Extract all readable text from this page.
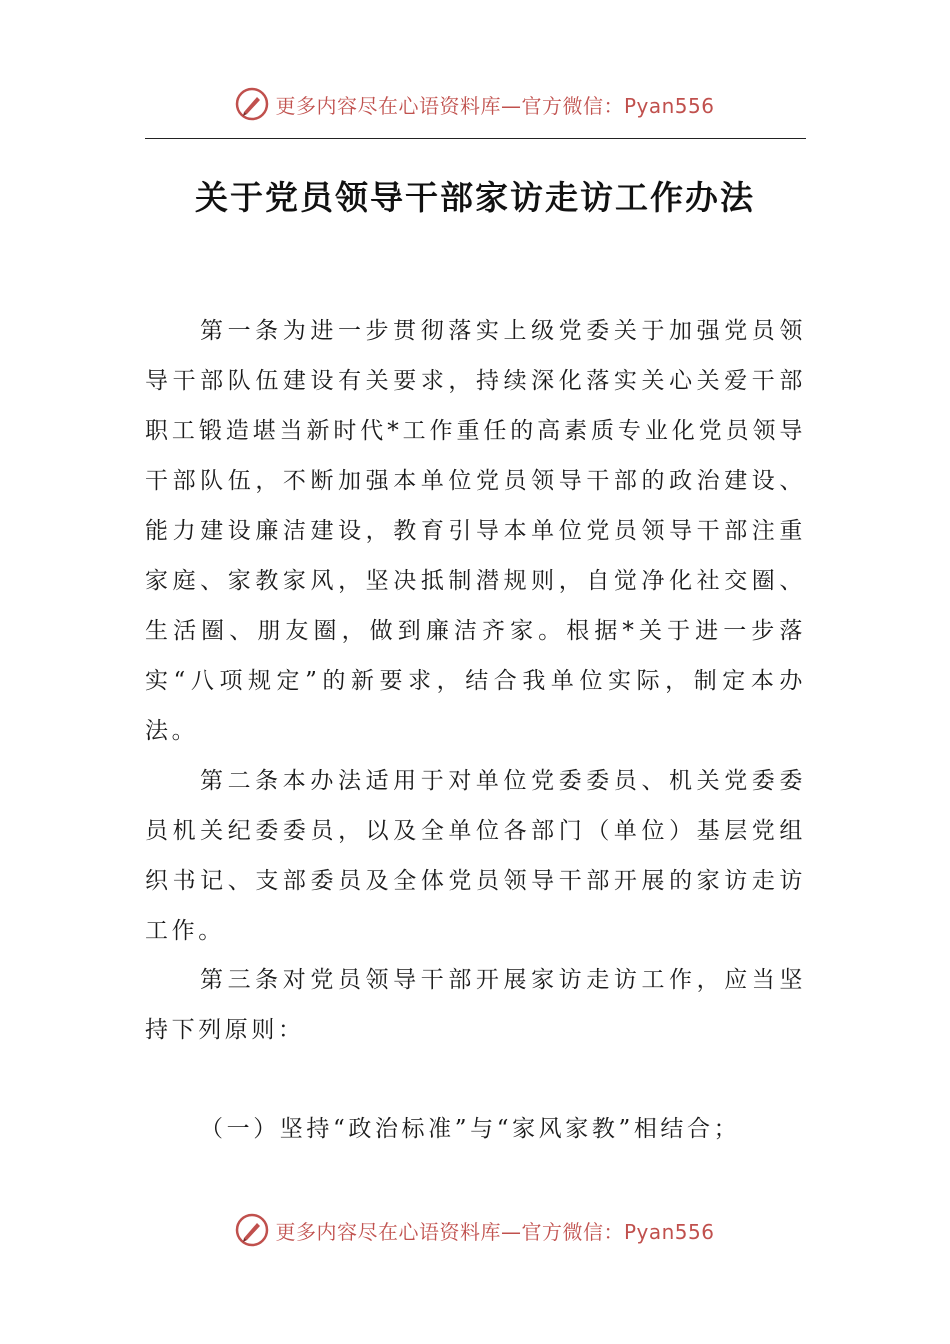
更多内容尽在心语资料库—官方微信：Pyan556
关于党员领导干部家访走访工作办法

第一条为进一步贯彻落实上级党委关于加强党员领导干部队伍建设有关要求，持续深化落实关心关爱干部职工锻造堪当新时代*工作重任的高素质专业化党员领导干部队伍，不断加强本单位党员领导干部的政治建设、能力建设廉洁建设，教育引导本单位党员领导干部注重家庭、家教家风，坚决抵制潜规则，自觉净化社交圈、生活圈、朋友圈，做到廉洁齐家。根据*关于进一步落实“八项规定”的新要求，结合我单位实际，制定本办法。

第二条本办法适用于对单位党委委员、机关党委委员机关纪委委员，以及全单位各部门（单位）基层党组织书记、支部委员及全体党员领导干部开展的家访走访工作。

第三条对党员领导干部开展家访走访工作，应当坚持下列原则：

（一）坚持“政治标准”与“家风家教”相结合；

更多内容尽在心语资料库—官方微信：Pyan556
